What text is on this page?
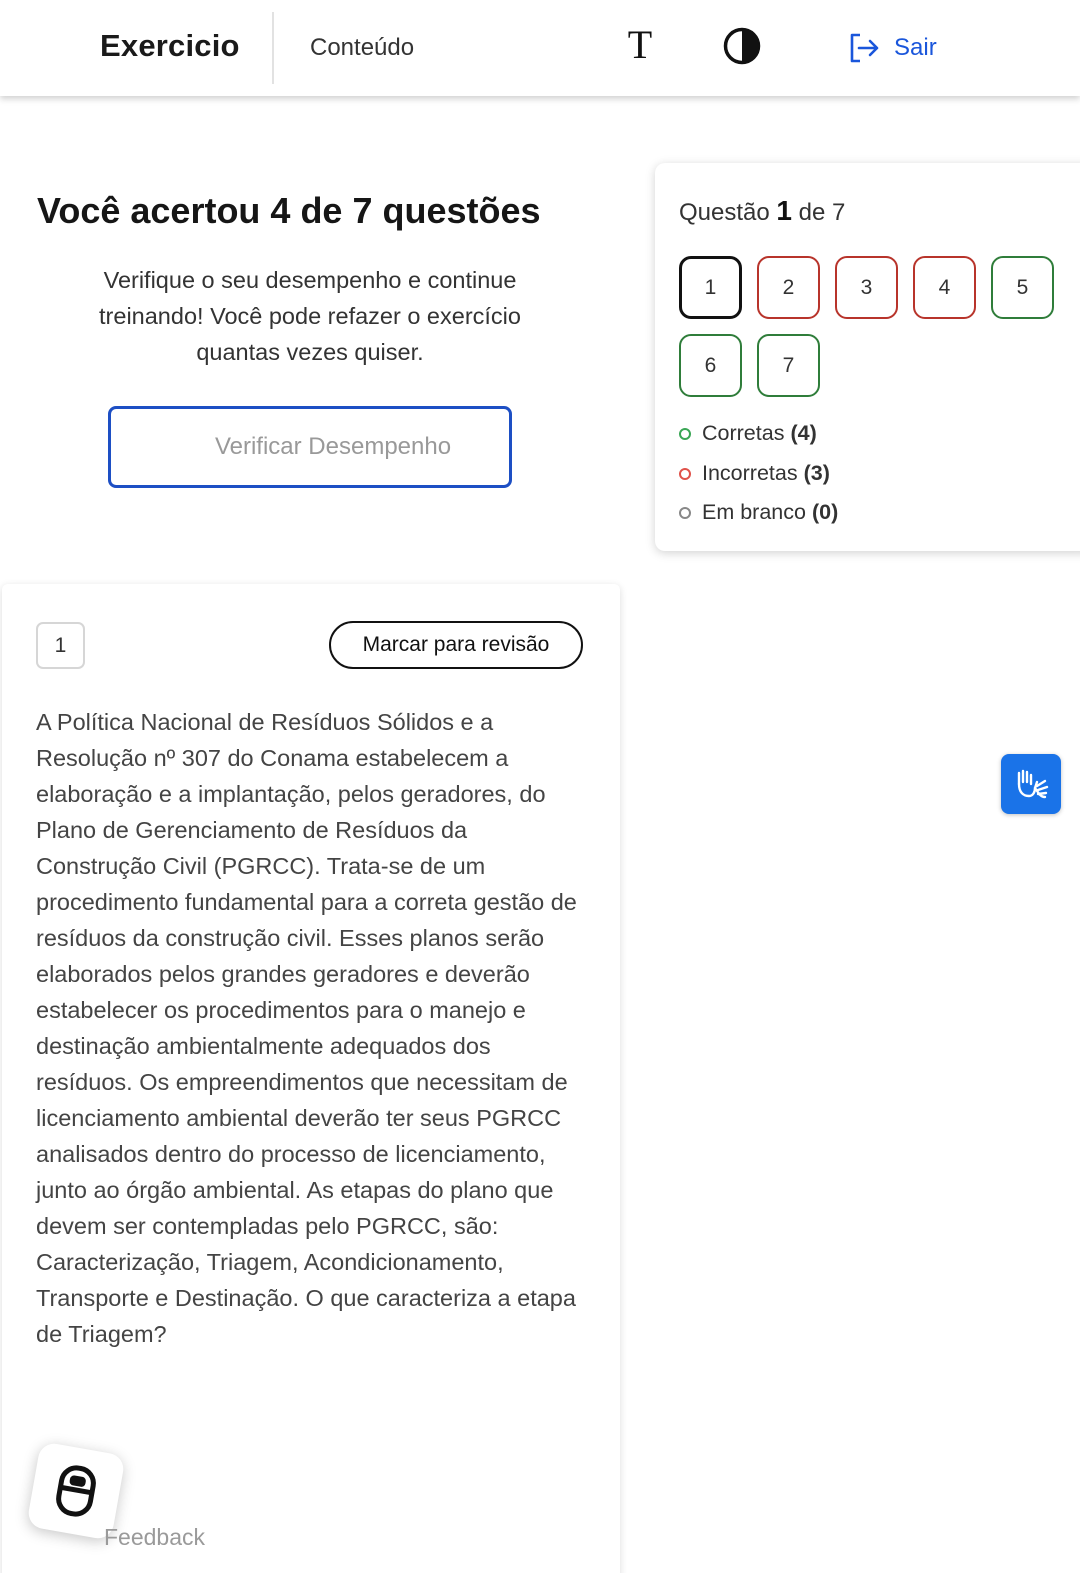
Exercicio	Conteúdo	T	Sair
Você acertou 4 de 7 questões
Verifique o seu desempenho e continue treinando! Você pode refazer o exercício quantas vezes quiser.
Verificar Desempenho
Questão 1 de 7
1	2	3	4	5
6	7
Corretas (4)
Incorretas (3)
Em branco (0)
1	Marcar para revisão
A Política Nacional de Resíduos Sólidos e a Resolução nº 307 do Conama estabelecem a elaboração e a implantação, pelos geradores, do Plano de Gerenciamento de Resíduos da Construção Civil (PGRCC). Trata-se de um procedimento fundamental para a correta gestão de resíduos da construção civil. Esses planos serão elaborados pelos grandes geradores e deverão estabelecer os procedimentos para o manejo e destinação ambientalmente adequados dos resíduos. Os empreendimentos que necessitam de licenciamento ambiental deverão ter seus PGRCC analisados dentro do processo de licenciamento, junto ao órgão ambiental. As etapas do plano que devem ser contempladas pelo PGRCC, são: Caracterização, Triagem, Acondicionamento, Transporte e Destinação. O que caracteriza a etapa de Triagem?
Feedback
